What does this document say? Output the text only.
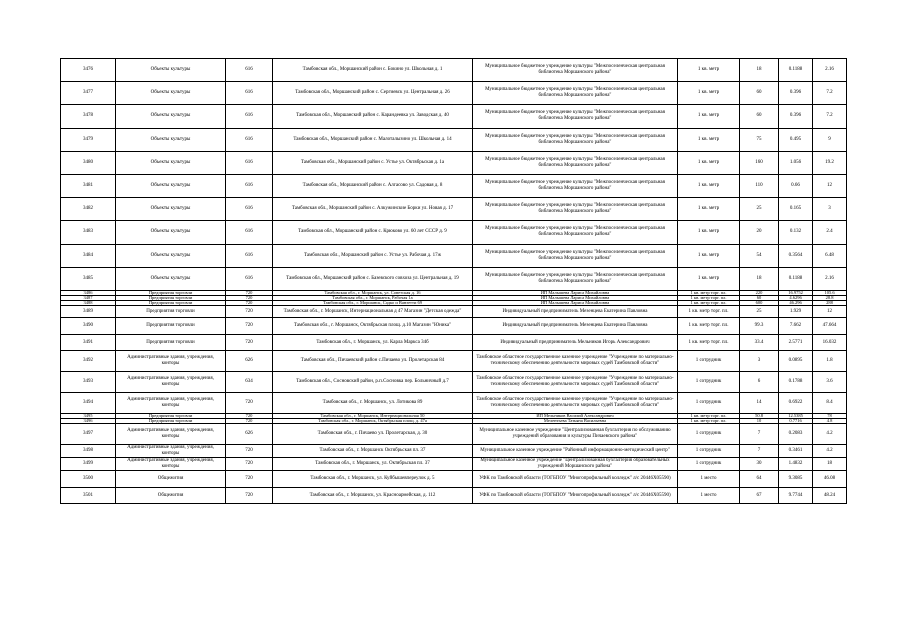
3476	Объекты культуры	616	Тамбовская обл., Моршанский район с. Бокино ул. Школьная д. 1	Муниципальное бюджетное учреждение культуры "Межпоселенческая центральная библиотека Моршанского района"	1 кв. метр	18	0.1188	2.16
3477	Объекты культуры	616	Тамбовская обл., Моршанский район с. Сергиевск ул. Центральная д. 26	Муниципальное бюджетное учреждение культуры "Межпоселенческая центральная библиотека Моршанского района"	1 кв. метр	60	0.396	7.2
3478	Объекты культуры	616	Тамбовская обл., Моршанский район с. Карандеевка ул. Заводская д. 40	Муниципальное бюджетное учреждение культуры "Межпоселенческая центральная библиотека Моршанского района"	1 кв. метр	60	0.396	7.2
3479	Объекты культуры	616	Тамбовская обл., Моршанский район с. Малоталызино ул. Школьная д. 14	Муниципальное бюджетное учреждение культуры "Межпоселенческая центральная библиотека Моршанского района"	1 кв. метр	75	0.495	9
3480	Объекты культуры	616	Тамбовская обл., Моршанский район с. Устье ул. Октябрьская д. 1а	Муниципальное бюджетное учреждение культуры "Межпоселенческая центральная библиотека Моршанского района"	1 кв. метр	160	1.056	19.2
3481	Объекты культуры	616	Тамбовская обл., Моршанский район с. Алгасово ул. Садовая д. 8	Муниципальное бюджетное учреждение культуры "Межпоселенческая центральная библиотека Моршанского района"	1 кв. метр	110	0.66	12
3482	Объекты культуры	616	Тамбовская обл., Моршанский район с. Алкужинские Борки ул. Новая д. 17	Муниципальное бюджетное учреждение культуры "Межпоселенческая центральная библиотека Моршанского района"	1 кв. метр	25	0.165	3
3483	Объекты культуры	616	Тамбовская обл., Моршанский район с. Крюково ул. 60 лет СССР д. 9	Муниципальное бюджетное учреждение культуры "Межпоселенческая центральная библиотека Моршанского района"	1 кв. метр	20	0.132	2.4
3484	Объекты культуры	616	Тамбовская обл., Моршанский район с. Устье ул. Рабочая д. 17ж	Муниципальное бюджетное учреждение культуры "Межпоселенческая центральная библиотека Моршанского района"	1 кв. метр	54	0.3564	6.48
3485	Объекты культуры	616	Тамбовская обл., Моршанский район с. Базевского совхоза ул. Центральная д. 19	Муниципальное бюджетное учреждение культуры "Межпоселенческая центральная библиотека Моршанского района"	1 кв. метр	18	0.1188	2.16
3486	Предприятия торговли	720	Тамбовская обл., г. Моршанск, ул. Советская д. 16	ИП Малышева Лариса Михайловна	1 кв. метр торг. пл.	220	16.9752	105.6
3487	Предприятия торговли	720	Тамбовская обл., г. Моршанск, Рабочая 1а	ИП Малышева Лариса Михайловна	1 кв. метр торг. пл.	60	4.6296	28.8
3488	Предприятия торговли	720	Тамбовская обл., г. Моршанск, Садко и Ванзетти 69	ИП Малышева Лариса Михайловна	1 кв. метр торг. пл.	600	46.296	288
3489	Предприятия торговли	720	Тамбовская обл., г. Моршанск, Интернациональная д 47 Магазин "Детская одежда"	Индивидуальный предприниматель Мезенцева Екатерина Павловна	1 кв. метр торг. пл.	25	1.929	12
3490	Предприятия торговли	720	Тамбовская обл., г. Моршанск, Октябрьская площ. д.10 Магазин "Юника"	Индивидуальный предприниматель Мезенцева Екатерина Павловна	1 кв. метр торг. пл.	99.3	7.662	47.664
3491	Предприятия торговли	720	Тамбовская обл., г. Моршанск, ул. Карла Маркса 34б	Индивидуальный предприниматель Мельников Игорь Александрович	1 кв. метр торг. пл.	33.4	2.5771	16.032
3492	Административные здания, учреждения, конторы	626	Тамбовская обл., Пичаевский район с.Пичаево ул. Пролетарская 84	Тамбовское областное государственное казенное учреждение "Учреждение по материально-техническому обеспечению деятельности мировых судей Тамбовской области"	1 сотрудник	3	0.0895	1.8
3493	Административные здания, учреждения, конторы	634	Тамбовская обл., Сосновский район, р.п.Сосновка пер. Больничный д.7	Тамбовское областное государственное казенное учреждение "Учреждение по материально-техническому обеспечению деятельности мировых судей Тамбовской области"	1 сотрудник	6	0.1788	3.6
3494	Административные здания, учреждения, конторы	720	Тамбовская обл., г. Моршанск, ул. Лотикова 89	Тамбовское областное государственное казенное учреждение "Учреждение по материально-техническому обеспечению деятельности мировых судей Тамбовской области"	1 сотрудник	14	0.6922	8.4
3495	Предприятия торговли	720	Тамбовская обл., г. Моршанск, Интернациональная 50	ИП Мельников Василий Александрович	1 кв. метр торг. пл.	50.8	12.5385	78
3496	Предприятия торговли	720	Тамбовская обл., г. Моршанск, Октябрьская площ. д. 47а	Мелентьева Татьяна Васильевна	1 кв. метр торг. пл.	10	0.7716	4.8
3497	Административные здания, учреждения, конторы	626	Тамбовская обл., г. Пичаево ул. Пролетарская, д. 30	Муниципальное казенное учреждение "Централизованная бухгалтерия по обслуживанию учреждений образования и культуры Пичаевского района"	1 сотрудник	7	0.2083	4.2
3498	Административные здания, учреждения, конторы	720	Тамбовская обл., г. Моршанск Октябрьская пл. 37	Муниципальное казенное учреждение "Районный информационно-методический центр"	1 сотрудник	7	0.3461	4.2
3499	Административные здания, учреждения, конторы	720	Тамбовская обл., г. Моршанск, ул. Октябрьская пл. 37	Муниципальное казенное учреждение "Централизованная бухгалтерия образовательных учреждений Моршанского района"	1 сотрудник	30	1.4832	18
3500	Общежития	720	Тамбовская обл., г. Моршанск, ул. Куйбышевпереулок д. 5	УФК по Тамбовской области (ТОГБПОУ "Многопрофильный колледж" л/с 20446Х05590)	1 место	64	9.3085	46.08
3501	Общежития	720	Тамбовская обл., г. Моршанск, ул. Красноармейская, д. 112	УФК по Тамбовской области (ТОГБПОУ "Многопрофильный колледж" л/с 20446Х05590)	1 место	67	9.7744	48.24
